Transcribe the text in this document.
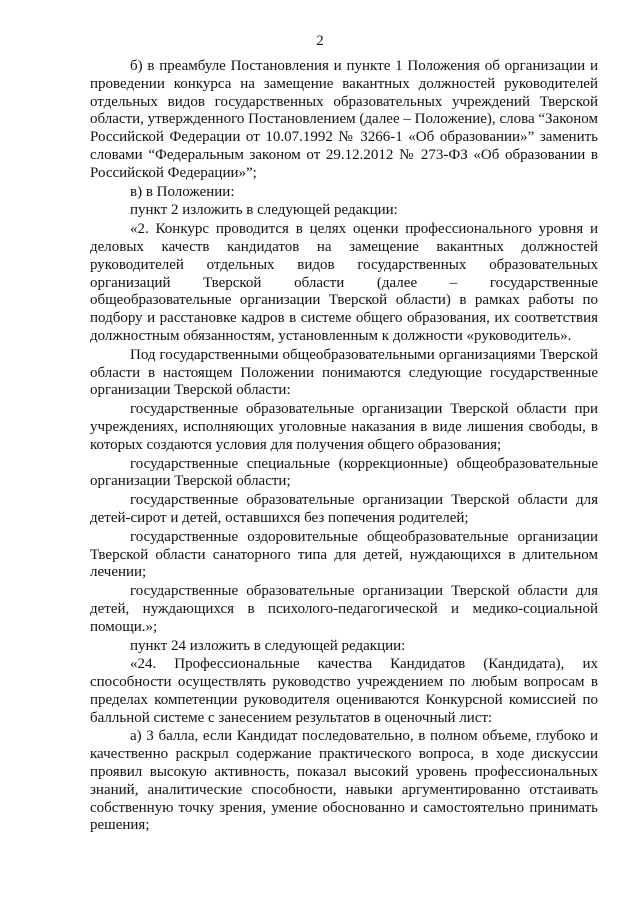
2

б) в преамбуле Постановления и пункте 1 Положения об организации и проведении конкурса на замещение вакантных должностей руководителей отдельных видов государственных образовательных учреждений Тверской области, утвержденного Постановлением (далее – Положение), слова “Законом Российской Федерации от 10.07.1992 № 3266-1 «Об образовании»” заменить словами “Федеральным законом от 29.12.2012 № 273-ФЗ «Об образовании в Российской Федерации»”;

в) в Положении:

пункт 2 изложить в следующей редакции:

«2. Конкурс проводится в целях оценки профессионального уровня и деловых качеств кандидатов на замещение вакантных должностей руководителей отдельных видов государственных образовательных организаций Тверской области (далее – государственные общеобразовательные организации Тверской области) в рамках работы по подбору и расстановке кадров в системе общего образования, их соответствия должностным обязанностям, установленным к должности «руководитель».

Под государственными общеобразовательными организациями Тверской области в настоящем Положении понимаются следующие государственные организации Тверской области:

государственные образовательные организации Тверской области при учреждениях, исполняющих уголовные наказания в виде лишения свободы, в которых создаются условия для получения общего образования;

государственные специальные (коррекционные) общеобразовательные организации Тверской области;

государственные образовательные организации Тверской области для детей-сирот и детей, оставшихся без попечения родителей;

государственные оздоровительные общеобразовательные организации Тверской области санаторного типа для детей, нуждающихся в длительном лечении;

государственные образовательные организации Тверской области для детей, нуждающихся в психолого-педагогической и медико-социальной помощи.»;

пункт 24 изложить в следующей редакции:

«24. Профессиональные качества Кандидатов (Кандидата), их способности осуществлять руководство учреждением по любым вопросам в пределах компетенции руководителя оцениваются Конкурсной комиссией по балльной системе с занесением результатов в оценочный лист:

а) 3 балла, если Кандидат последовательно, в полном объеме, глубоко и качественно раскрыл содержание практического вопроса, в ходе дискуссии проявил высокую активность, показал высокий уровень профессиональных знаний, аналитические способности, навыки аргументированно отстаивать собственную точку зрения, умение обоснованно и самостоятельно принимать решения;
